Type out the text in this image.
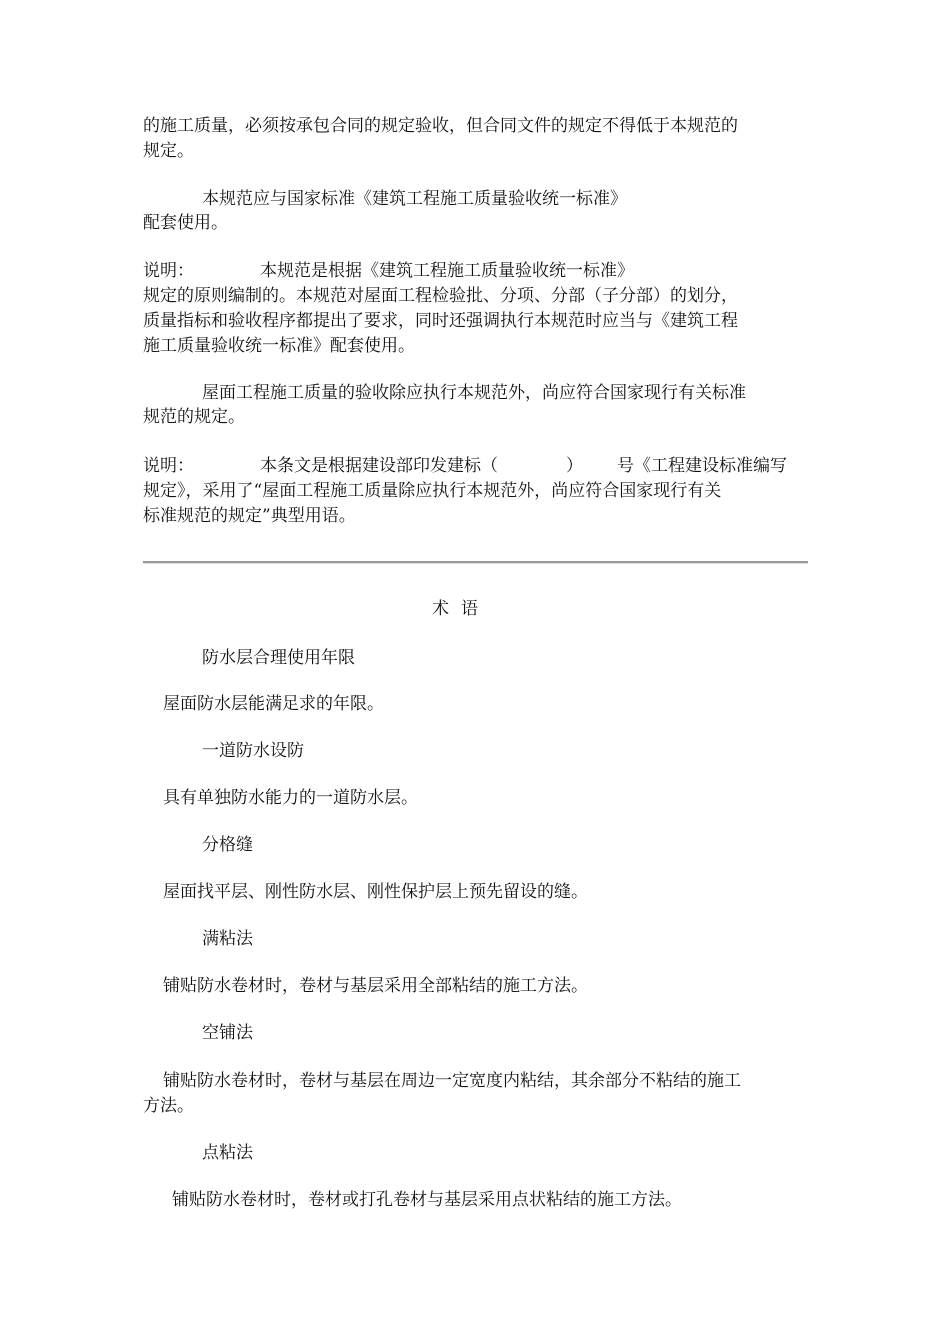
的施工质量，必须按承包合同的规定验收，但合同文件的规定不得低于本规范的
规定。
本规范应与国家标准《建筑工程施工质量验收统一标准》
配套使用。
说明：	本规范是根据《建筑工程施工质量验收统一标准》
规定的原则编制的。本规范对屋面工程检验批、分项、分部（子分部）的划分，
质量指标和验收程序都提出了要求，同时还强调执行本规范时应当与《建筑工程
施工质量验收统一标准》配套使用。
屋面工程施工质量的验收除应执行本规范外，尚应符合国家现行有关标准
规范的规定。
说明：	本条文是根据建设部印发建标（	） 号《工程建设标准编写
规定》，采用了“屋面工程施工质量除应执行本规范外，尚应符合国家现行有关
标准规范的规定”典型用语。
术语
防水层合理使用年限
屋面防水层能满足求的年限。
一道防水设防
具有单独防水能力的一道防水层。
分格缝
屋面找平层、刚性防水层、刚性保护层上预先留设的缝。
满粘法
铺贴防水卷材时，卷材与基层采用全部粘结的施工方法。
空铺法
铺贴防水卷材时，卷材与基层在周边一定宽度内粘结，其余部分不粘结的施工
方法。
点粘法
铺贴防水卷材时，卷材或打孔卷材与基层采用点状粘结的施工方法。
